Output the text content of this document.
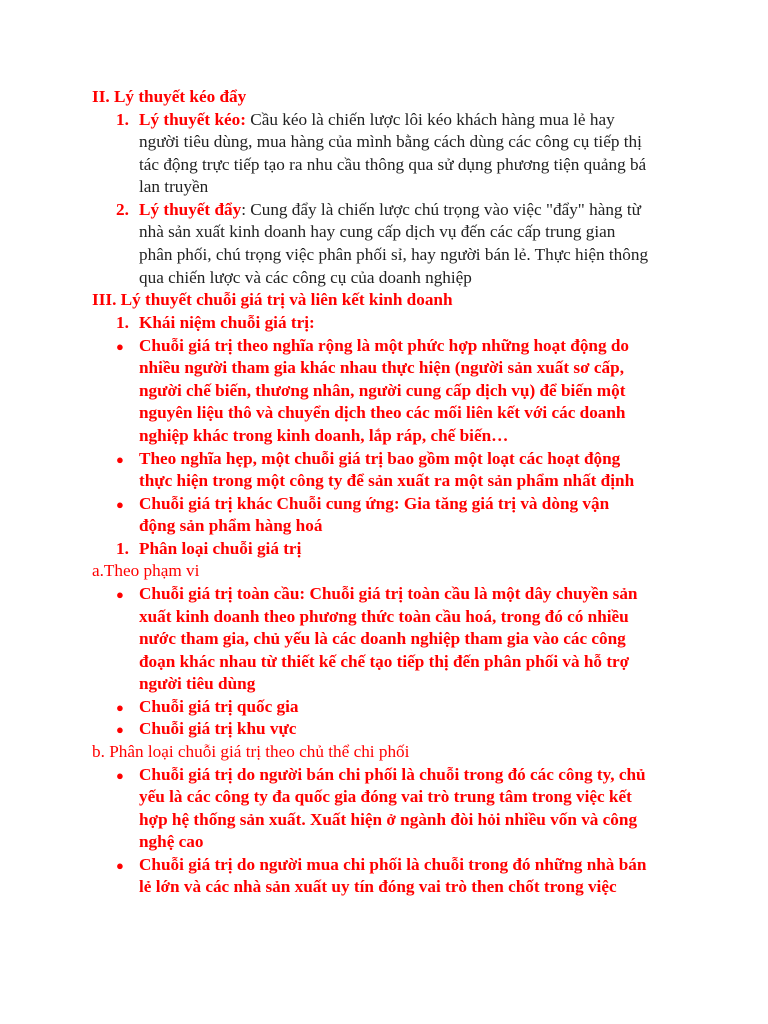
II. Lý thuyết kéo đẩy
1. Lý thuyết kéo: Cầu kéo là chiến lược lôi kéo khách hàng mua lẻ hay
người tiêu dùng, mua hàng của mình bằng cách dùng các công cụ tiếp thị
tác động trực tiếp tạo ra nhu cầu thông qua sử dụng phương tiện quảng bá
lan truyền
2. Lý thuyết đẩy: Cung đẩy là chiến lược chú trọng vào việc "đẩy" hàng từ
nhà sản xuất kinh doanh hay cung cấp dịch vụ đến các cấp trung gian
phân phối, chú trọng việc phân phối sỉ, hay người bán lẻ. Thực hiện thông
qua chiến lược và các công cụ của doanh nghiệp
III. Lý thuyết chuỗi giá trị và liên kết kinh doanh
1. Khái niệm chuỗi giá trị:
● Chuỗi giá trị theo nghĩa rộng là một phức hợp những hoạt động do
nhiều người tham gia khác nhau thực hiện (người sản xuất sơ cấp,
người chế biến, thương nhân, người cung cấp dịch vụ) để biến một
nguyên liệu thô và chuyển dịch theo các mối liên kết với các doanh
nghiệp khác trong kinh doanh, lắp ráp, chế biến…
● Theo nghĩa hẹp, một chuỗi giá trị bao gồm một loạt các hoạt động
thực hiện trong một công ty để sản xuất ra một sản phẩm nhất định
● Chuỗi giá trị khác Chuỗi cung ứng: Gia tăng giá trị và dòng vận
động sản phẩm hàng hoá
1. Phân loại chuỗi giá trị
a.Theo phạm vi
● Chuỗi giá trị toàn cầu: Chuỗi giá trị toàn cầu là một dây chuyền sản
xuất kinh doanh theo phương thức toàn cầu hoá, trong đó có nhiều
nước tham gia, chủ yếu là các doanh nghiệp tham gia vào các công
đoạn khác nhau từ thiết kế chế tạo tiếp thị đến phân phối và hỗ trợ
người tiêu dùng
● Chuỗi giá trị quốc gia
● Chuỗi giá trị khu vực
b. Phân loại chuỗi giá trị theo chủ thể chi phối
● Chuỗi giá trị do người bán chi phối là chuỗi trong đó các công ty, chủ
yếu là các công ty đa quốc gia đóng vai trò trung tâm trong việc kết
hợp hệ thống sản xuất. Xuất hiện ở ngành đòi hỏi nhiều vốn và công
nghệ cao
● Chuỗi giá trị do người mua chi phối là chuỗi trong đó những nhà bán
lẻ lớn và các nhà sản xuất uy tín đóng vai trò then chốt trong việc
